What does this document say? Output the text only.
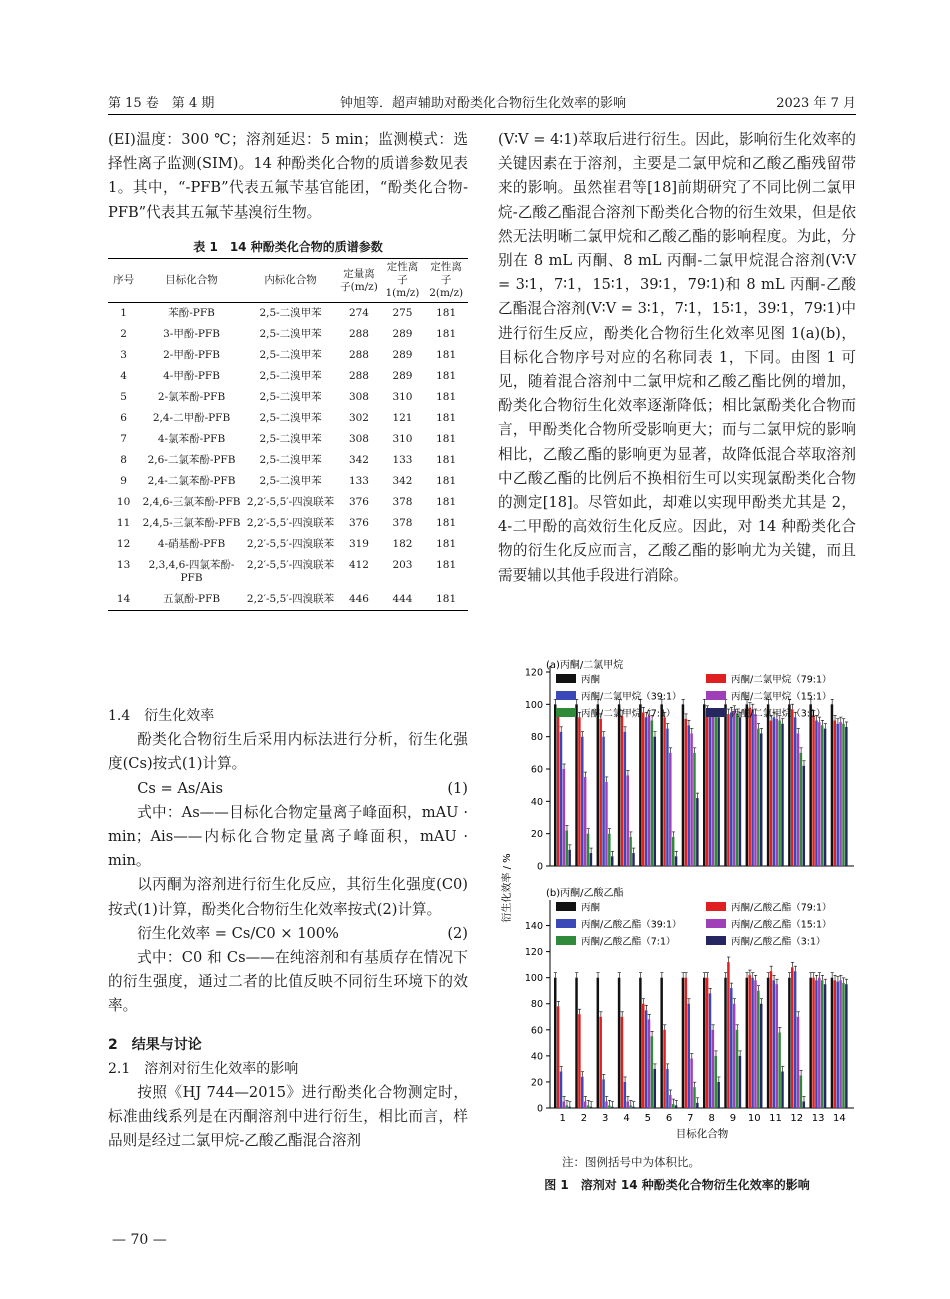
第 15 卷　第 4 期	钟旭等．超声辅助对酚类化合物衍生化效率的影响	2023 年 7 月

(EI)温度：300 ℃；溶剂延迟：5 min；监测模式：选择性离子监测(SIM)。14 种酚类化合物的质谱参数见表 1。其中，“-PFB”代表五氟苄基官能团，“酚类化合物-PFB”代表其五氟苄基溴衍生物。

表 1　14 种酚类化合物的质谱参数
序号	目标化合物	内标化合物	定量离子(m/z)	定性离子 1(m/z)	定性离子 2(m/z)
1	苯酚-PFB	2,5-二溴甲苯	274	275	181
2	3-甲酚-PFB	2,5-二溴甲苯	288	289	181
3	2-甲酚-PFB	2,5-二溴甲苯	288	289	181
4	4-甲酚-PFB	2,5-二溴甲苯	288	289	181
5	2-氯苯酚-PFB	2,5-二溴甲苯	308	310	181
6	2,4-二甲酚-PFB	2,5-二溴甲苯	302	121	181
7	4-氯苯酚-PFB	2,5-二溴甲苯	308	310	181
8	2,6-二氯苯酚-PFB	2,5-二溴甲苯	342	133	181
9	2,4-二氯苯酚-PFB	2,5-二溴甲苯	133	342	181
10	2,4,6-三氯苯酚-PFB	2,2′-5,5′-四溴联苯	376	378	181
11	2,4,5-三氯苯酚-PFB	2,2′-5,5′-四溴联苯	376	378	181
12	4-硝基酚-PFB	2,2′-5,5′-四溴联苯	319	182	181
13	2,3,4,6-四氯苯酚-PFB	2,2′-5,5′-四溴联苯	412	203	181
14	五氯酚-PFB	2,2′-5,5′-四溴联苯	446	444	181

1.4　衍生化效率

酚类化合物衍生后采用内标法进行分析，衍生化强度(Cs)按式(1)计算。

Cs = As/Ais	(1)

式中：As——目标化合物定量离子峰面积，mAU · min；Ais——内标化合物定量离子峰面积，mAU · min。

以丙酮为溶剂进行衍生化反应，其衍生化强度(C0)按式(1)计算，酚类化合物衍生化效率按式(2)计算。

衍生化效率 = Cs/C0 × 100%	(2)

式中：C0 和 Cs——在纯溶剂和有基质存在情况下的衍生强度，通过二者的比值反映不同衍生环境下的效率。

2　结果与讨论

2.1　溶剂对衍生化效率的影响

按照《HJ 744—2015》进行酚类化合物测定时，标准曲线系列是在丙酮溶剂中进行衍生，相比而言，样品则是经过二氯甲烷-乙酸乙酯混合溶剂

— 70 —

(V∶V = 4∶1)萃取后进行衍生。因此，影响衍生化效率的关键因素在于溶剂，主要是二氯甲烷和乙酸乙酯残留带来的影响。虽然崔君等[18]前期研究了不同比例二氯甲烷-乙酸乙酯混合溶剂下酚类化合物的衍生效果，但是依然无法明晰二氯甲烷和乙酸乙酯的影响程度。为此，分别在 8 mL 丙酮、8 mL 丙酮-二氯甲烷混合溶剂(V∶V = 3∶1，7∶1，15∶1，39∶1，79∶1)和 8 mL 丙酮-乙酸乙酯混合溶剂(V∶V = 3∶1，7∶1，15∶1，39∶1，79∶1)中进行衍生反应，酚类化合物衍生化效率见图 1(a)(b)，目标化合物序号对应的名称同表 1，下同。由图 1 可见，随着混合溶剂中二氯甲烷和乙酸乙酯比例的增加，酚类化合物衍生化效率逐渐降低；相比氯酚类化合物而言，甲酚类化合物所受影响更大；而与二氯甲烷的影响相比，乙酸乙酯的影响更为显著，故降低混合萃取溶剂中乙酸乙酯的比例后不换相衍生可以实现氯酚类化合物的测定[18]。尽管如此，却难以实现甲酚类尤其是 2，4-二甲酚的高效衍生化反应。因此，对 14 种酚类化合物的衍生化反应而言，乙酸乙酯的影响尤为关键，而且需要辅以其他手段进行消除。

0
20
40
60
80
100
120
(a)丙酮/二氯甲烷
丙酮
丙酮/二氯甲烷（39:1）
丙酮/二氯甲烷（7:1）
丙酮/二氯甲烷（79:1）
丙酮/二氯甲烷（15:1）
丙酮/二氯甲烷（3:1）
0
20
40
60
80
100
120
140
(b)丙酮/乙酸乙酯
1 2 3 4 5 6 7 8 9 10 11 12 13 14
丙酮
丙酮/乙酸乙酯（39:1）
丙酮/乙酸乙酯（7:1）
丙酮/乙酸乙酯（79:1）
丙酮/乙酸乙酯（15:1）
丙酮/乙酸乙酯（3:1）
衍生化效率 / %
目标化合物
注：图例括号中为体积比。
图 1　溶剂对 14 种酚类化合物衍生化效率的影响
